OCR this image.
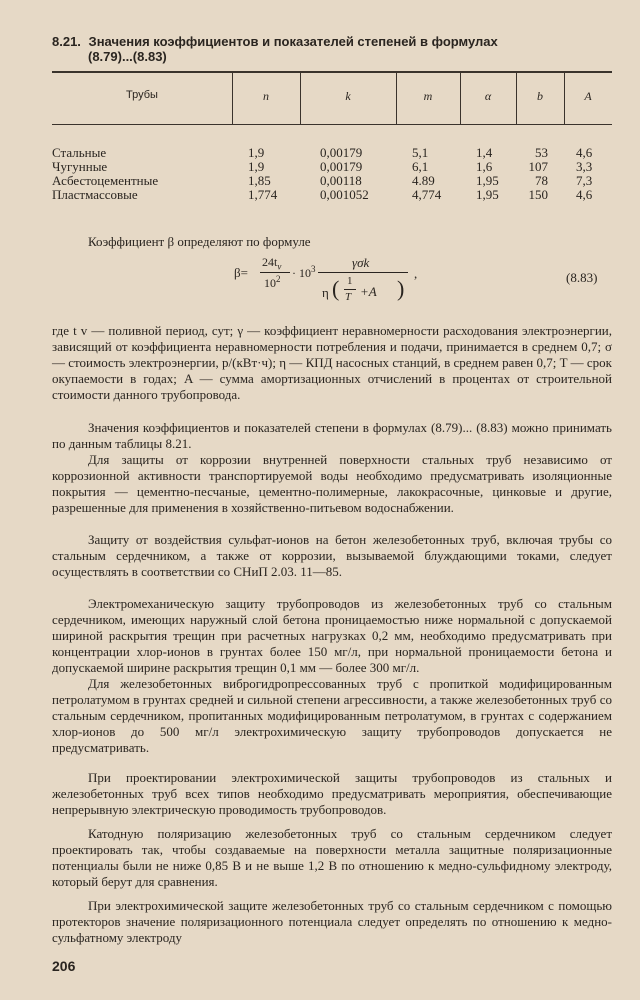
8.21. Значения коэффициентов и показателей степеней в формулах
(8.79)...(8.83)
Трубы	n	k	m	α	b	A
Стальные	1,9	0,00179	5,1	1,4	53 4,6
Чугунные	1,9	0,00179	6,1	1,6	107 3,3
Асбестоцементные	1,85	0,00118	4.89	1,95	78 7,3
Пластмассовые	1,774	0,001052	4,774	1,95	150 4,6
Коэффициент β определяют по формуле
β=
$24t_v$
$10^2 \cdot 10^3$	γσk
η ( 1
T +A )
,	(8.83)
где t v — поливной период, сут; γ — коэффициент неравномерности расходования электроэнергии, зависящий от коэффициента неравномерности потребления и подачи, принимается в среднем 0,7; σ — стоимость электроэнергии, р/(кВт·ч); η — КПД насосных станций, в среднем равен 0,7; T — срок окупаемости в годах; A — сумма амортизационных отчислений в процентах от строительной стоимости данного трубопровода.
Значения коэффициентов и показателей степени в формулах (8.79)... (8.83) можно принимать по данным таблицы 8.21.
Для защиты от коррозии внутренней поверхности стальных труб независимо от коррозионной активности транспортируемой воды необходимо предусматривать изоляционные покрытия — цементно-песчаные, цементно-полимерные, лакокрасочные, цинковые и другие, разрешенные для применения в хозяйственно-питьевом водоснабжении.
Защиту от воздействия сульфат-ионов на бетон железобетонных труб, включая трубы со стальным сердечником, а также от коррозии, вызываемой блуждающими токами, следует осуществлять в соответствии со СНиП 2.03. 11—85.
Электромеханическую защиту трубопроводов из железобетонных труб со стальным сердечником, имеющих наружный слой бетона проницаемостью ниже нормальной с допускаемой шириной раскрытия трещин при расчетных нагрузках 0,2 мм, необходимо предусматривать при концентрации хлор-ионов в грунтах более 150 мг/л, при нормальной проницаемости бетона и допускаемой ширине раскрытия трещин 0,1 мм — более 300 мг/л.
Для железобетонных виброгидропрессованных труб с пропиткой модифицированным петролатумом в грунтах средней и сильной степени агрессивности, а также железобетонных труб со стальным сердечником, пропитанных модифицированным петролатумом, в грунтах с содержанием хлор-ионов до 500 мг/л электрохимическую защиту трубопроводов допускается не предусматривать.
При проектировании электрохимической защиты трубопроводов из стальных и железобетонных труб всех типов необходимо предусматривать мероприятия, обеспечивающие непрерывную электрическую проводимость трубопроводов.
Катодную поляризацию железобетонных труб со стальным сердечником следует проектировать так, чтобы создаваемые на поверхности металла защитные поляризационные потенциалы были не ниже 0,85 В и не выше 1,2 В по отношению к медно-сульфидному электроду, который берут для сравнения.
При электрохимической защите железобетонных труб со стальным сердечником с помощью протекторов значение поляризационного потенциала следует определять по отношению к медно-сульфатному электроду
206
